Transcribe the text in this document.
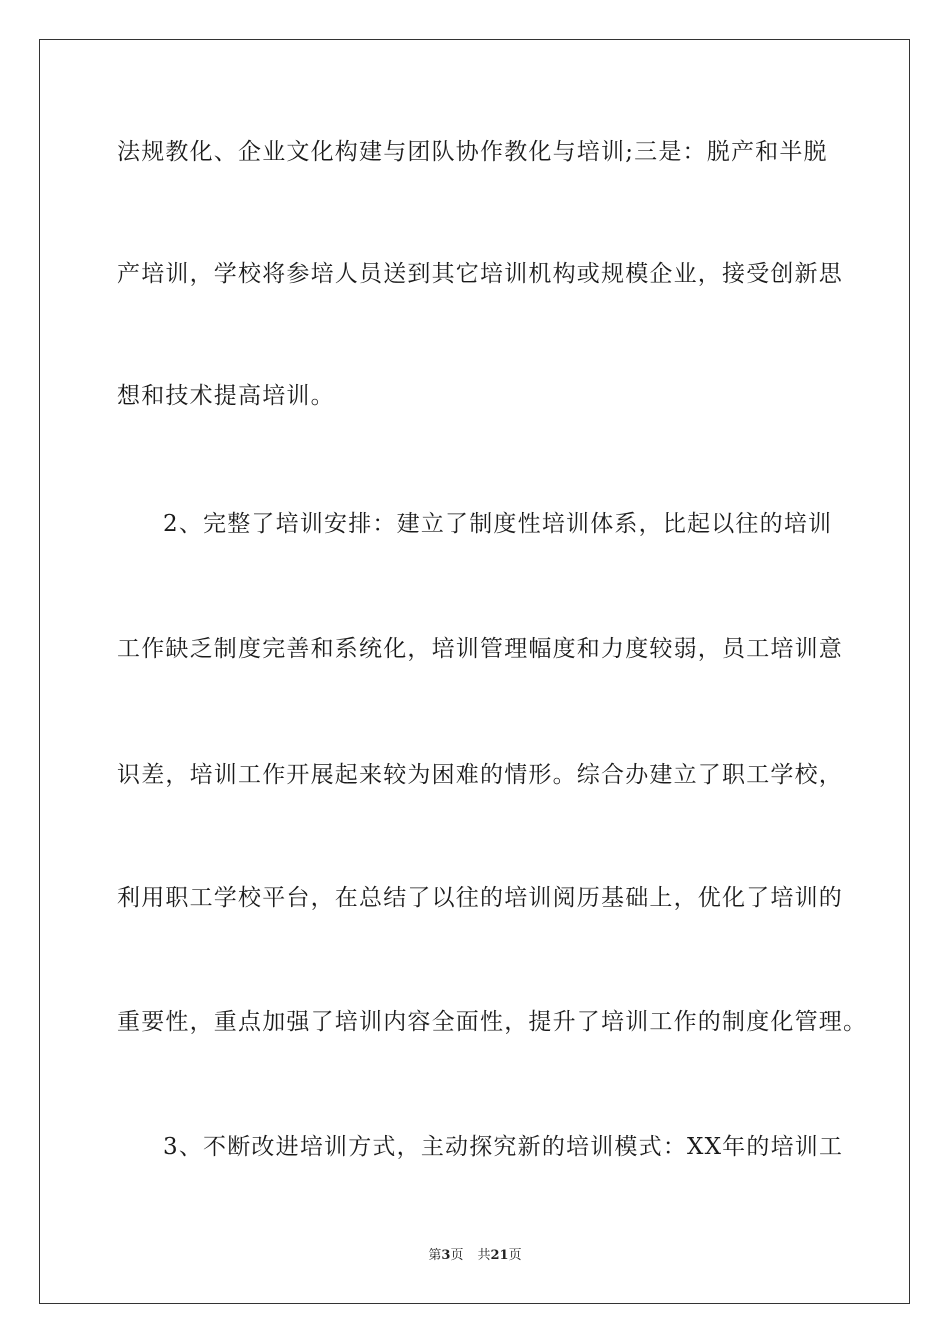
法规教化、企业文化构建与团队协作教化与培训;三是：脱产和半脱
产培训，学校将参培人员送到其它培训机构或规模企业，接受创新思
想和技术提高培训。
2、完整了培训安排：建立了制度性培训体系，比起以往的培训
工作缺乏制度完善和系统化，培训管理幅度和力度较弱，员工培训意
识差，培训工作开展起来较为困难的情形。综合办建立了职工学校，
利用职工学校平台，在总结了以往的培训阅历基础上，优化了培训的
重要性，重点加强了培训内容全面性，提升了培训工作的制度化管理。
3、不断改进培训方式，主动探究新的培训模式：XX年的培训工
第3页 共21页
